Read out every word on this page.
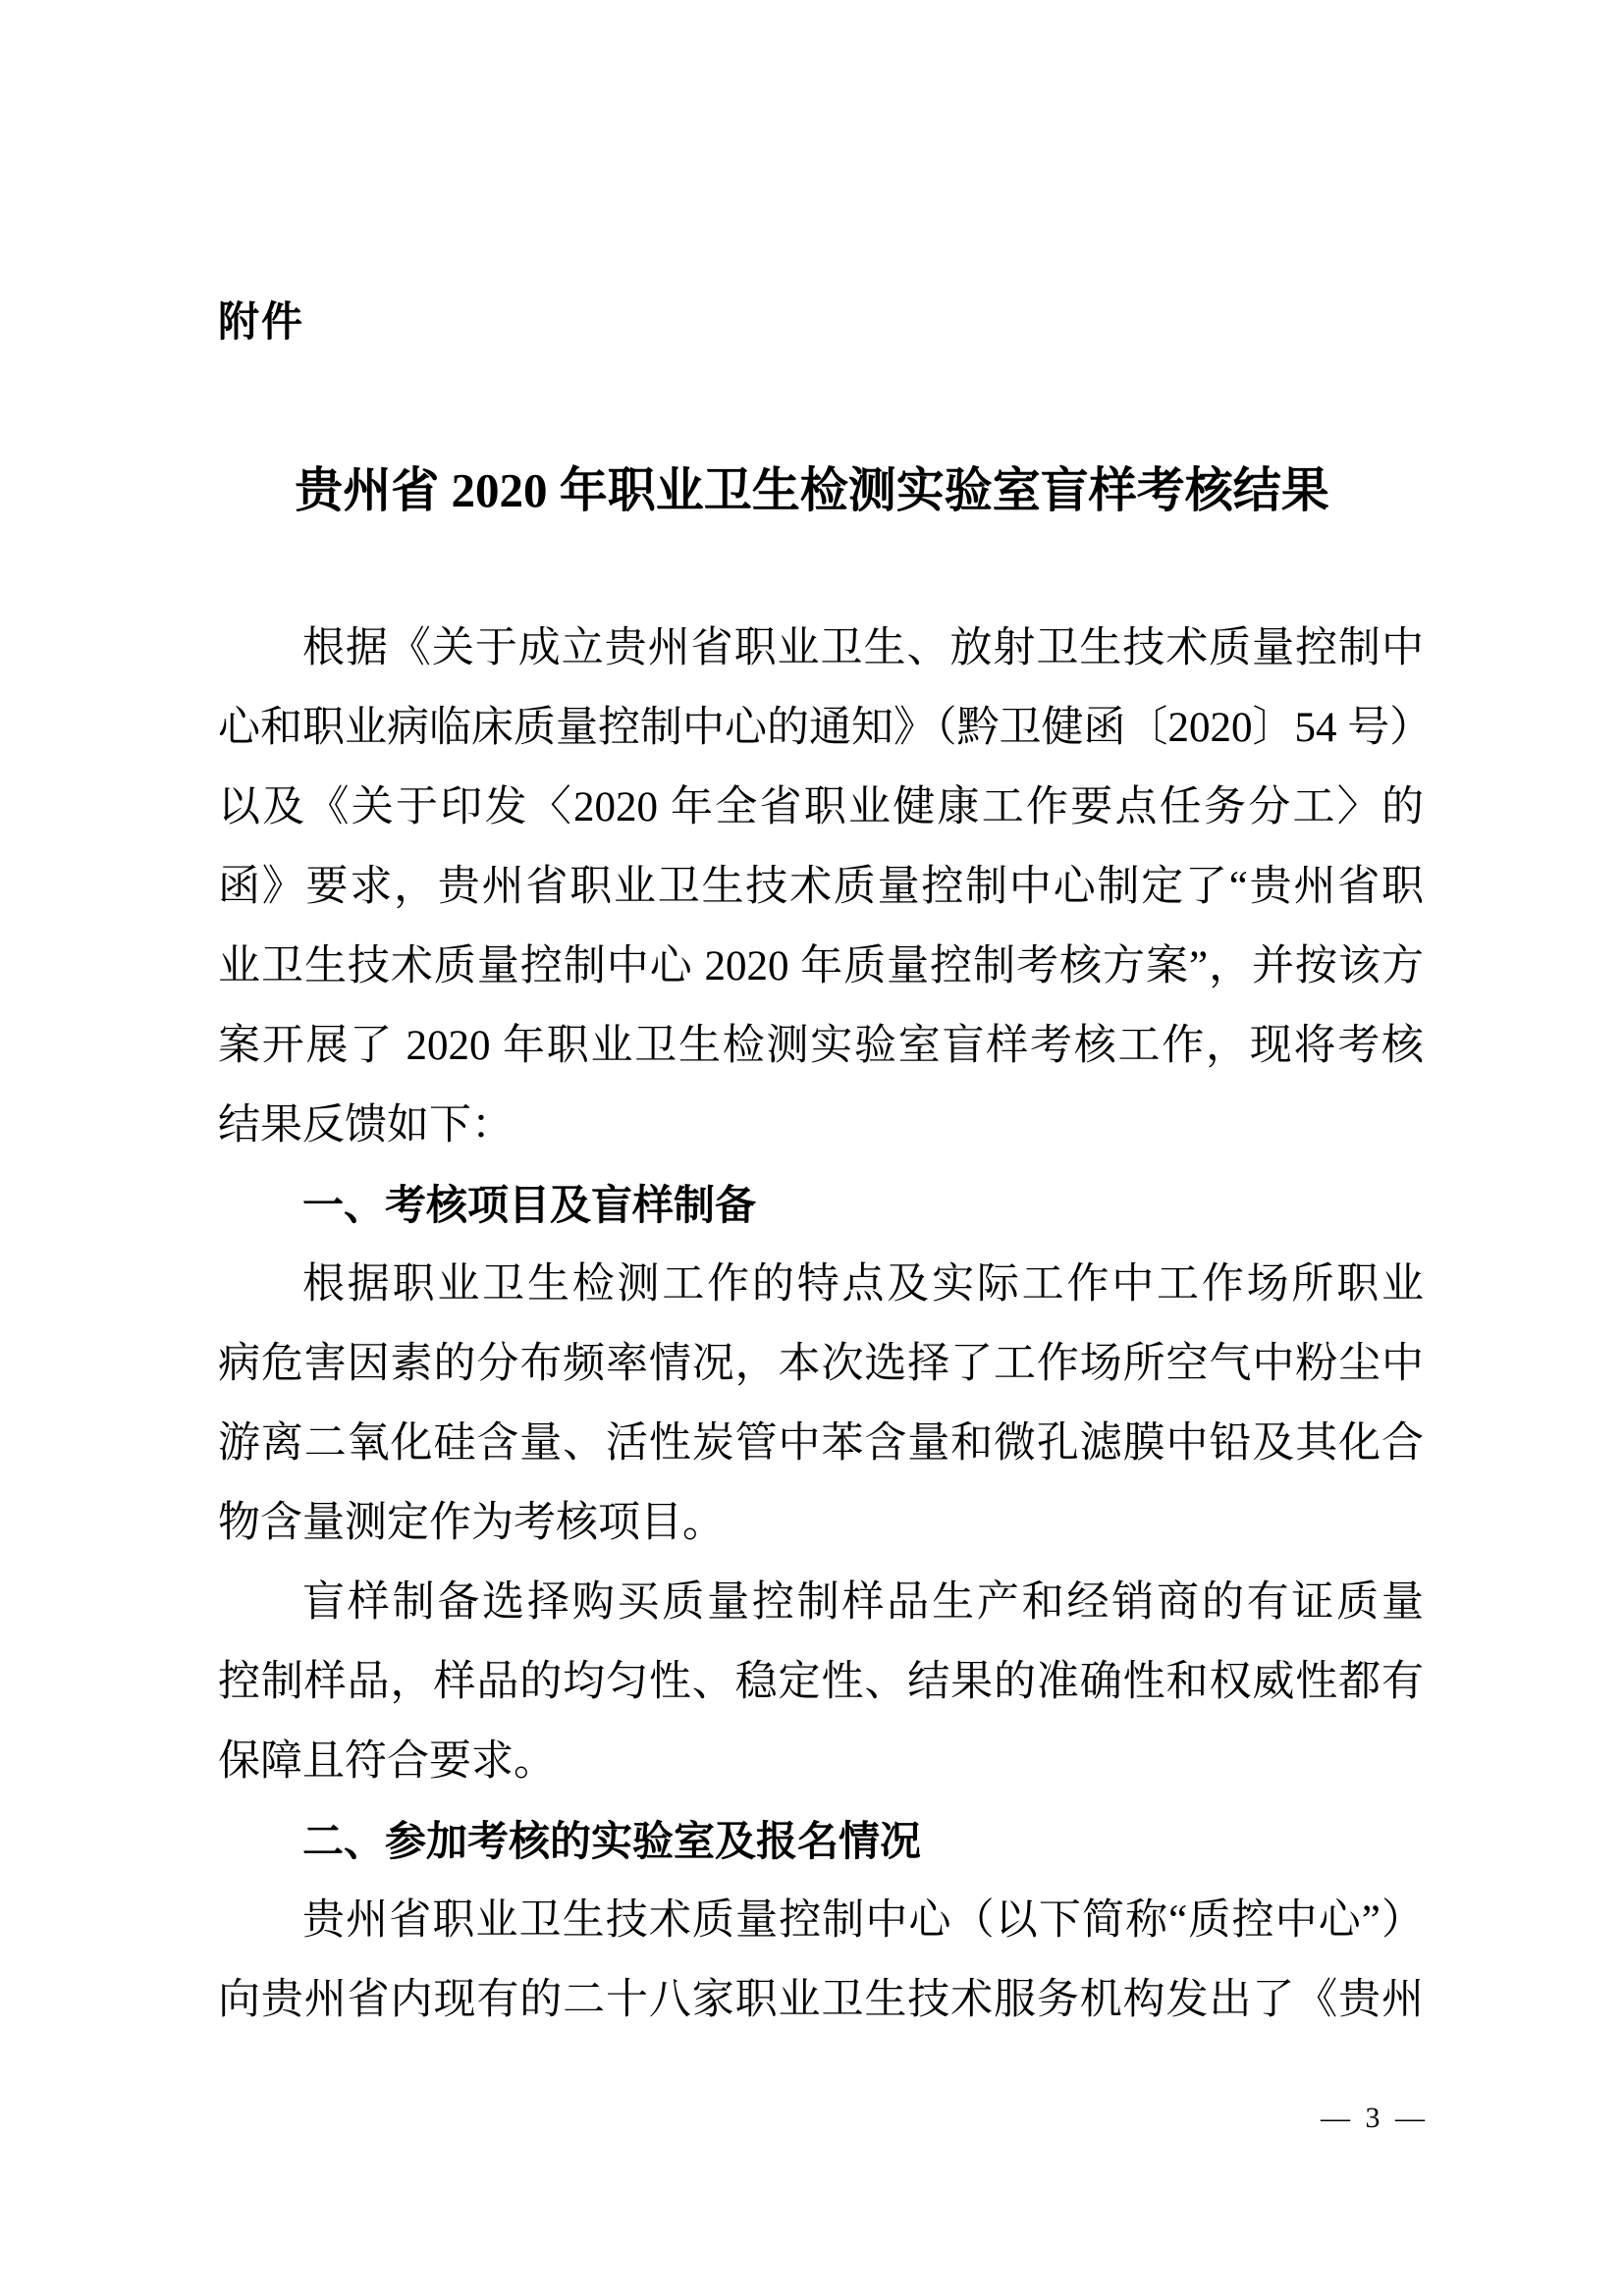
附件
贵州省 2020 年职业卫生检测实验室盲样考核结果
根据《关于成立贵州省职业卫生、放射卫生技术质量控制中
心和职业病临床质量控制中心的通知》（黔卫健函〔2020〕54 号）
以及《关于印发〈2020 年全省职业健康工作要点任务分工〉的
函》要求，贵州省职业卫生技术质量控制中心制定了“贵州省职
业卫生技术质量控制中心 2020 年质量控制考核方案”，并按该方
案开展了 2020 年职业卫生检测实验室盲样考核工作，现将考核
结果反馈如下：
一、考核项目及盲样制备
根据职业卫生检测工作的特点及实际工作中工作场所职业
病危害因素的分布频率情况，本次选择了工作场所空气中粉尘中
游离二氧化硅含量、活性炭管中苯含量和微孔滤膜中铅及其化合
物含量测定作为考核项目。
盲样制备选择购买质量控制样品生产和经销商的有证质量
控制样品，样品的均匀性、稳定性、结果的准确性和权威性都有
保障且符合要求。
二、参加考核的实验室及报名情况
贵州省职业卫生技术质量控制中心（以下简称“质控中心”）
向贵州省内现有的二十八家职业卫生技术服务机构发出了《贵州
— 3 —
